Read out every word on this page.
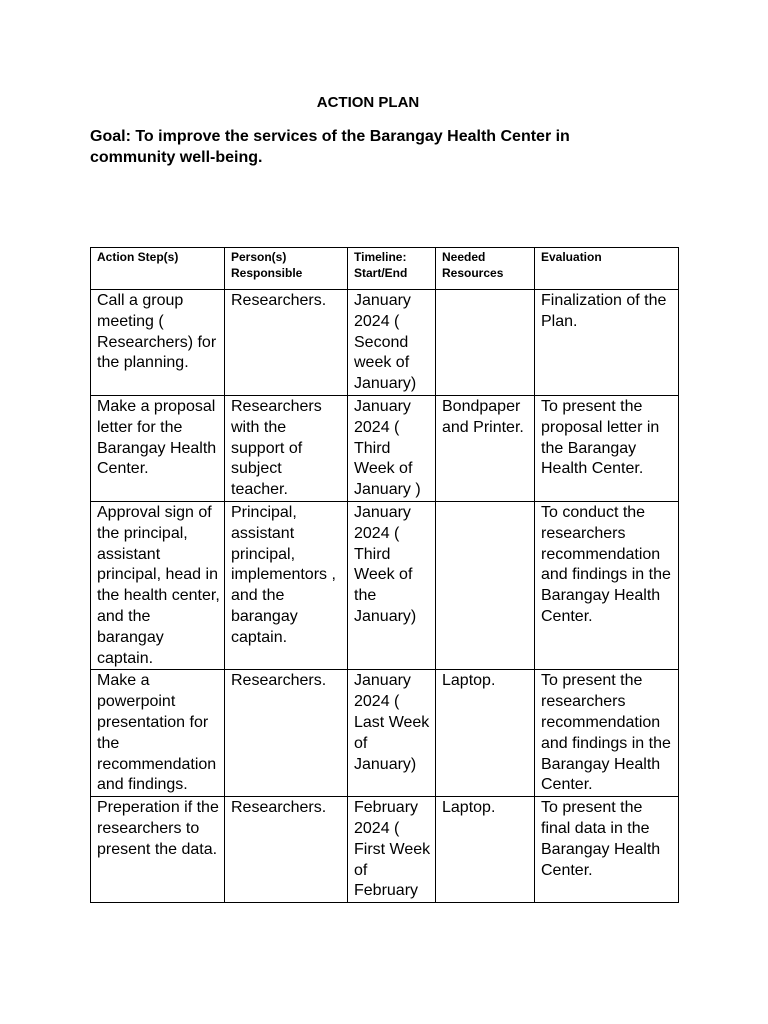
ACTION PLAN

Goal: To improve the services of the Barangay Health Center in community well-being.

Action Step(s)	Person(s) Responsible	Timeline: Start/End	Needed Resources	Evaluation
Call a group meeting ( Researchers) for the planning.	Researchers.	January 2024 ( Second week of January)		Finalization of the Plan.
Make a proposal letter for the Barangay Health Center.	Researchers with the support of subject teacher.	January 2024 ( Third Week of January )	Bondpaper and Printer.	To present the proposal letter in the Barangay Health Center.
Approval sign of the principal, assistant principal, head in the health center, and the barangay captain.	Principal, assistant principal, implementors , and the barangay captain.	January 2024 ( Third Week of the January)		To conduct the researchers recommendation and findings in the Barangay Health Center.
Make a powerpoint presentation for the recommendation and findings.	Researchers.	January 2024 ( Last Week of January)	Laptop.	To present the researchers recommendation and findings in the Barangay Health Center.
Preperation if the researchers to present the data.	Researchers.	February 2024 ( First Week of February	Laptop.	To present the final data in the Barangay Health Center.
